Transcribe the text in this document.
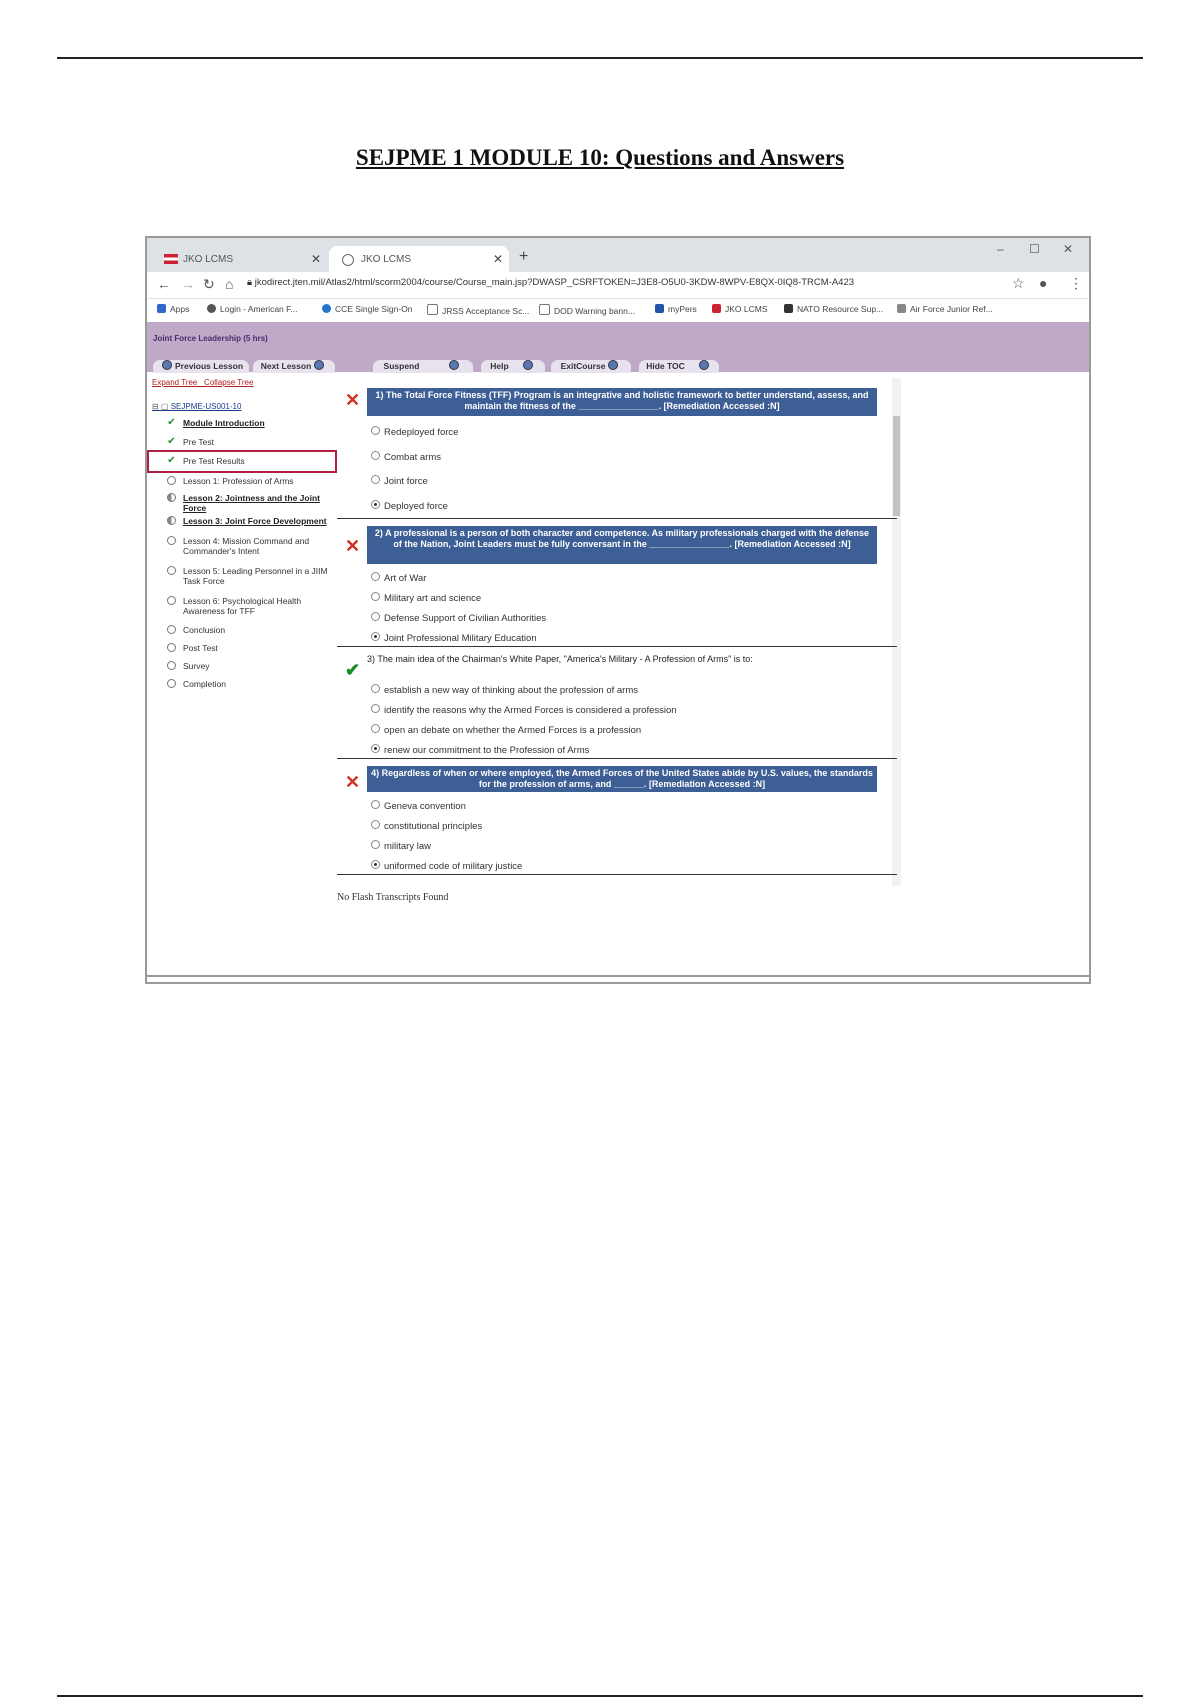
SEJPME 1 MODULE 10: Questions and Answers
JKO LCMS	✕	JKO LCMS	✕ +	– ☐ ✕
← → ↻ ⌂ 🔒︎ jkodirect.jten.mil/Atlas2/html/scorm2004/course/Course_main.jsp?DWASP_CSRFTOKEN=J3E8-O5U0-3KDW-8WPV-E8QX-0IQ8-TRCM-A423	☆ ● ⋮
Apps	Login - American F...	CCE Single Sign-On	JRSS Acceptance Sc...	DOD Warning bann...	myPers	JKO LCMS	NATO Resource Sup...	Air Force Junior Ref...
Joint Force Leadership (5 hrs)
Previous Lesson	Next Lesson	Suspend	Help	ExitCourse	Hide TOC
Expand Tree Collapse Tree
⊟ ▢ SEJPME-US001-10
✔ Module Introduction
✔ Pre Test
✔ Pre Test Results
Lesson 1: Profession of Arms
Lesson 2: Jointness and the Joint Force
Lesson 3: Joint Force Development
Lesson 4: Mission Command and Commander's Intent
Lesson 5: Leading Personnel in a JIIM Task Force
Lesson 6: Psychological Health Awareness for TFF
Conclusion
Post Test
Survey
Completion
✕	1) The Total Force Fitness (TFF) Program is an integrative and holistic framework to better understand, assess, and maintain the fitness of the ________________. [Remediation Accessed :N]
Redeployed force
Combat arms
Joint force
Deployed force
✕
2) A professional is a person of both character and competence. As military professionals charged with the defense of the Nation, Joint Leaders must be fully conversant in the ________________. [Remediation Accessed :N]
Art of War
Military art and science
Defense Support of Civilian Authorities
Joint Professional Military Education
✔
3) The main idea of the Chairman's White Paper, "America's Military - A Profession of Arms" is to:
establish a new way of thinking about the profession of arms
identify the reasons why the Armed Forces is considered a profession
open an debate on whether the Armed Forces is a profession
renew our commitment to the Profession of Arms
✕	4) Regardless of when or where employed, the Armed Forces of the United States abide by U.S. values, the standards for the profession of arms, and ______. [Remediation Accessed :N]
Geneva convention
constitutional principles
military law
uniformed code of military justice
No Flash Transcripts Found
